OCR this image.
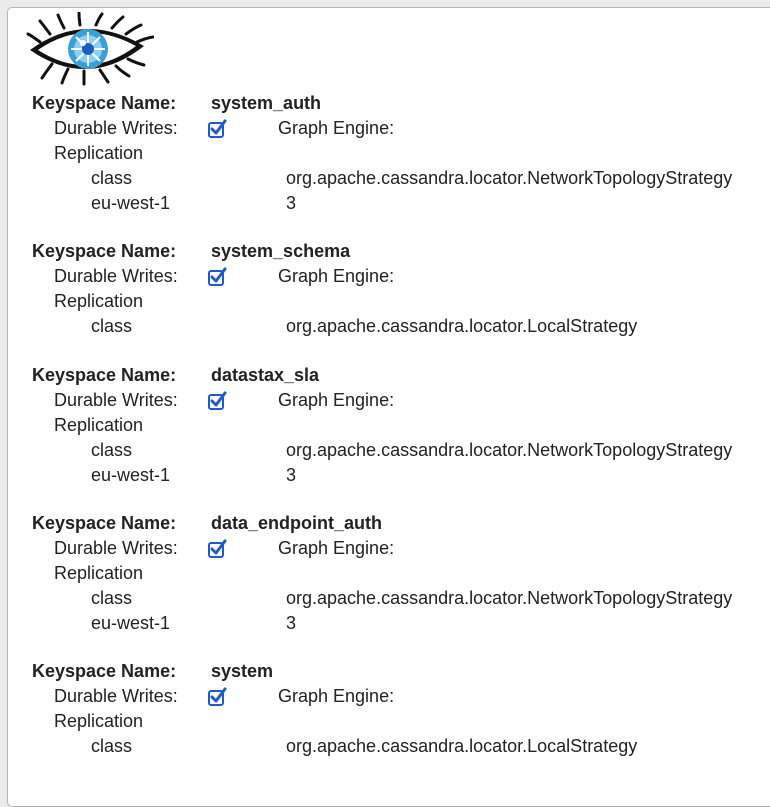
Keyspace Name: system_auth
Durable Writes:	Graph Engine:
Replication
class	org.apache.cassandra.locator.NetworkTopologyStrategy
eu-west-1	3
Keyspace Name: system_schema
Durable Writes:	Graph Engine:
Replication
class	org.apache.cassandra.locator.LocalStrategy
Keyspace Name: datastax_sla
Durable Writes:	Graph Engine:
Replication
class	org.apache.cassandra.locator.NetworkTopologyStrategy
eu-west-1	3
Keyspace Name: data_endpoint_auth
Durable Writes:	Graph Engine:
Replication
class	org.apache.cassandra.locator.NetworkTopologyStrategy
eu-west-1	3
Keyspace Name: system
Durable Writes:	Graph Engine:
Replication
class	org.apache.cassandra.locator.LocalStrategy
